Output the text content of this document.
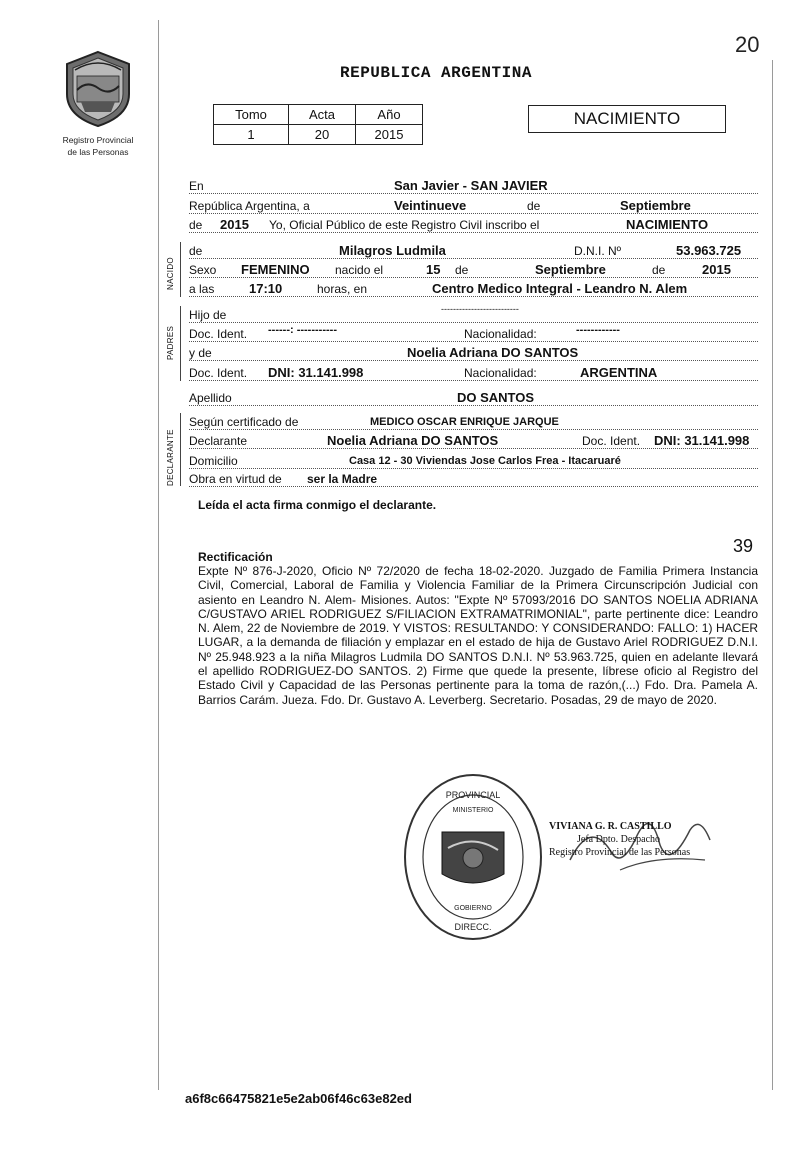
20
Registro Provincial
de las Personas
REPUBLICA ARGENTINA
Tomo	Acta	Año
1	20	2015
NACIMIENTO
En	San Javier - SAN JAVIER
República Argentina, a	Veintinueve	de	Septiembre
de 2015 Yo, Oficial Público de este Registro Civil inscribo el	NACIMIENTO
NACIDO
de	Milagros Ludmila	D.N.I. Nº	53.963.725
Sexo FEMENINO nacido el	15 de	Septiembre	de	2015
a las	17:10	horas, en	Centro Medico Integral - Leandro N. Alem
PADRES
Hijo de	--------------------------
Doc. Ident. ------: -----------	Nacionalidad:	------------
y de	Noelia Adriana DO SANTOS
Doc. Ident. DNI: 31.141.998	Nacionalidad:	ARGENTINA
Apellido	DO SANTOS
DECLARANTE
Según certificado de	MEDICO OSCAR ENRIQUE JARQUE
Declarante	Noelia Adriana DO SANTOS	Doc. Ident. DNI: 31.141.998
Domicilio	Casa 12 - 30 Viviendas Jose Carlos Frea - Itacaruaré
Obra en virtud de ser la Madre
Leída el acta firma conmigo el declarante.
39
Rectificación
Expte Nº 876-J-2020, Oficio Nº 72/2020 de fecha 18-02-2020. Juzgado de Familia Primera Instancia Civil, Comercial, Laboral de Familia y Violencia Familiar de la Primera Circunscripción Judicial con asiento en Leandro N. Alem- Misiones. Autos: "Expte Nº 57093/2016 DO SANTOS NOELIA ADRIANA C/GUSTAVO ARIEL RODRIGUEZ S/FILIACION EXTRAMATRIMONIAL", parte pertinente dice: Leandro N. Alem, 22 de Noviembre de 2019. Y VISTOS: RESULTANDO: Y CONSIDERANDO: FALLO: 1) HACER LUGAR, a la demanda de filiación y emplazar en el estado de hija de Gustavo Ariel RODRIGUEZ D.N.I. Nº 25.948.923 a la niña Milagros Ludmila DO SANTOS D.N.I. Nº 53.963.725, quien en adelante llevará el apellido RODRIGUEZ-DO SANTOS. 2) Firme que quede la presente, líbrese oficio al Registro del Estado Civil y Capacidad de las Personas pertinente para la toma de razón,(...) Fdo. Dra. Pamela A. Barrios Carám. Jueza. Fdo. Dr. Gustavo A. Leverberg. Secretario. Posadas, 29 de mayo de 2020.
PROVINCIAL
DIRECC.
MINISTERIO
GOBIERNO
VIVIANA G. R. CASTILLO
Jefa Dpto. Despacho
Registro Provincial de las Personas
a6f8c66475821e5e2ab06f46c63e82ed
